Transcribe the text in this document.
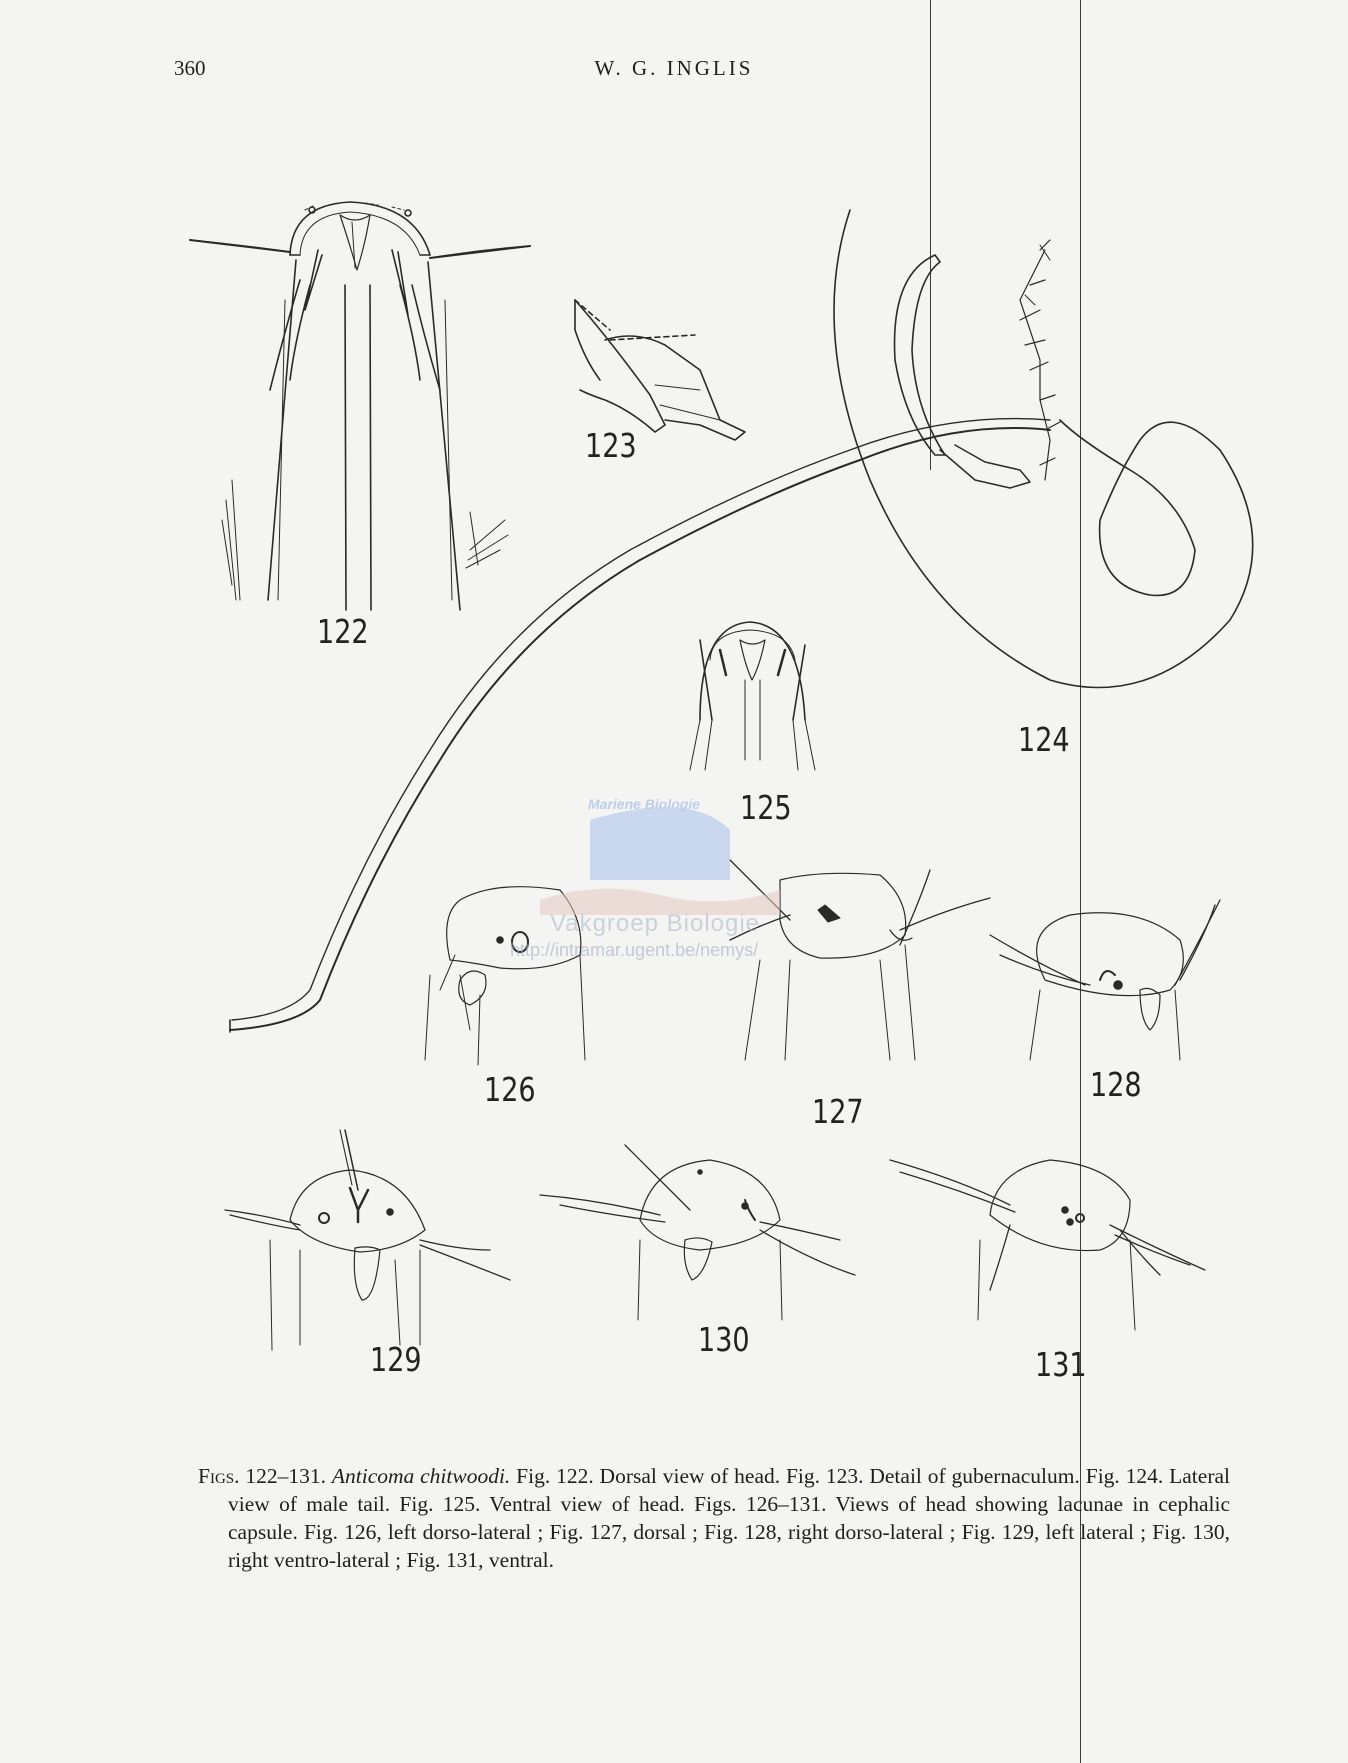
360	W. G. INGLIS
Mariene Biologie
Vakgroep Biologie
http://intramar.ugent.be/nemys/
122
123
124
125
126
127
128
129
130
131

Figs. 122–131. Anticoma chitwoodi. Fig. 122. Dorsal view of head. Fig. 123. Detail of gubernaculum. Fig. 124. Lateral view of male tail. Fig. 125. Ventral view of head. Figs. 126–131. Views of head showing lacunae in cephalic capsule. Fig. 126, left dorso-lateral ; Fig. 127, dorsal ; Fig. 128, right dorso-lateral ; Fig. 129, left lateral ; Fig. 130, right ventro-lateral ; Fig. 131, ventral.
